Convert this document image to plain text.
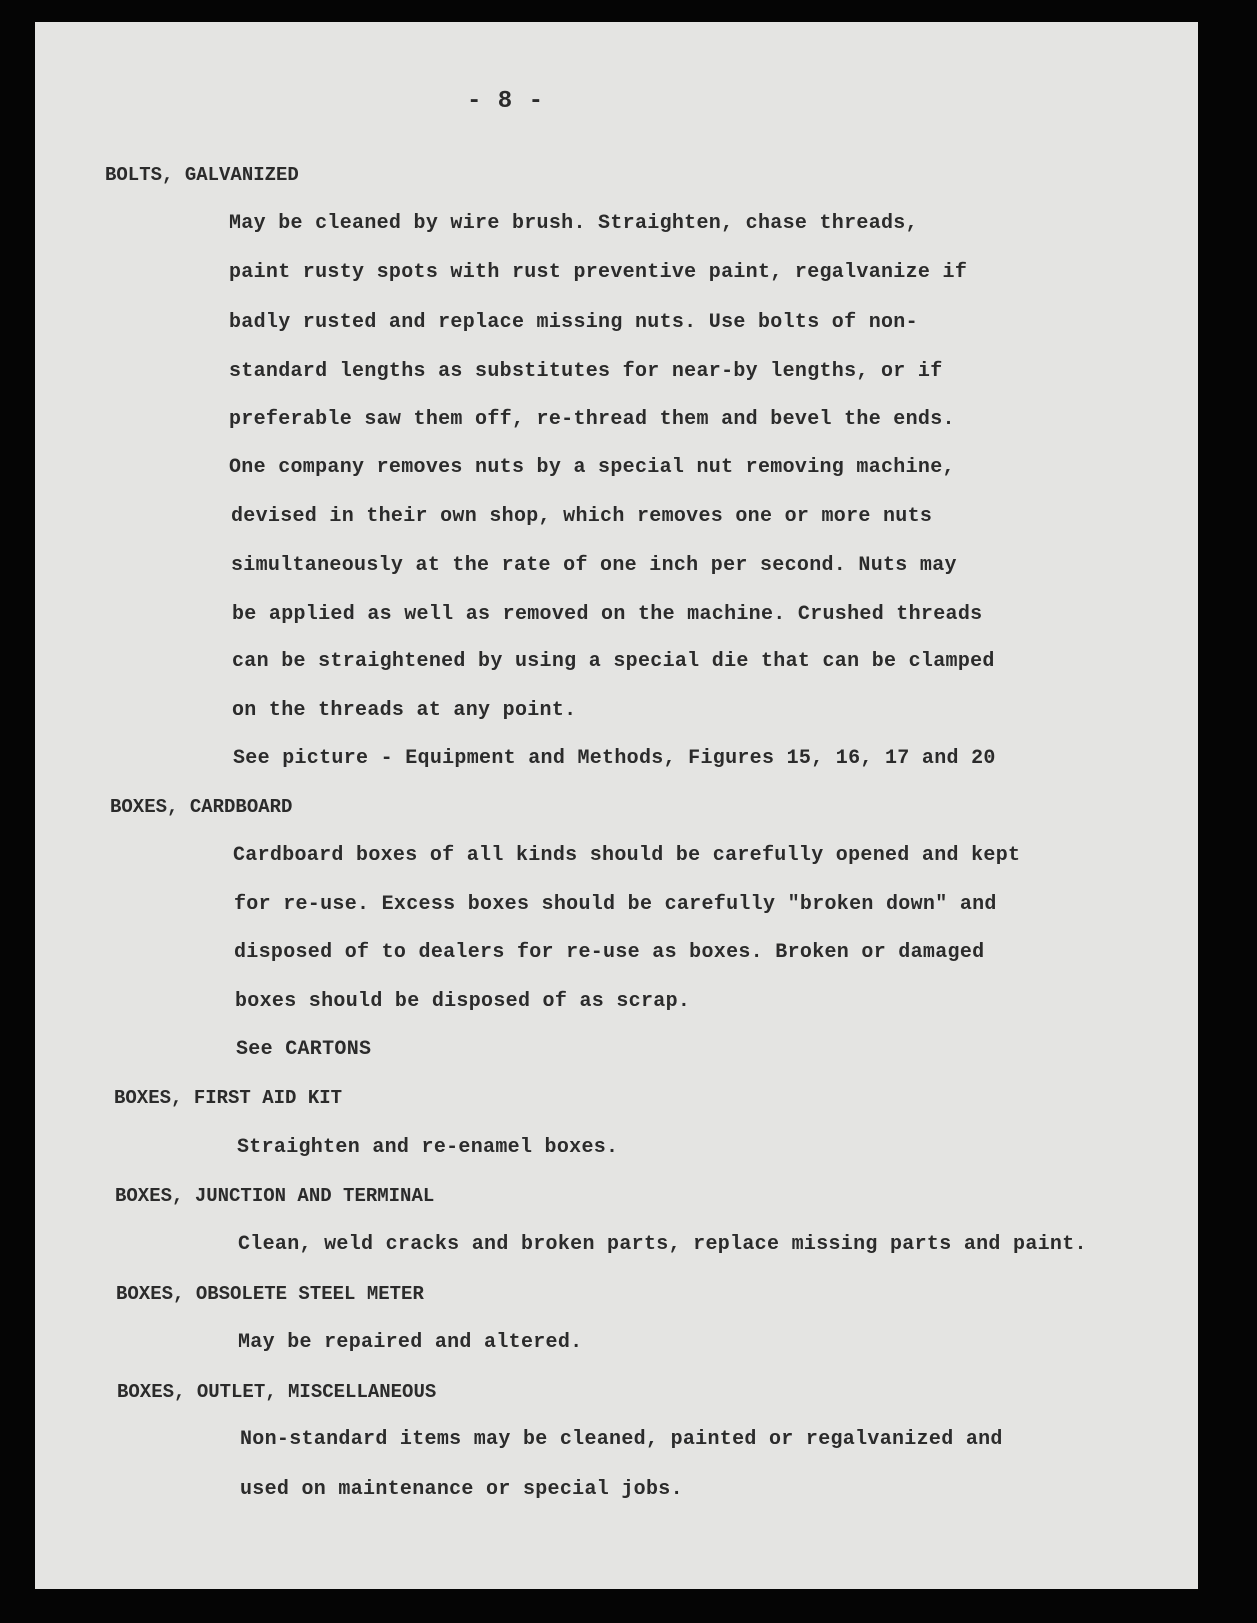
- 8 -
BOLTS, GALVANIZED
May be cleaned by wire brush. Straighten, chase threads,
paint rusty spots with rust preventive paint, regalvanize if
badly rusted and replace missing nuts. Use bolts of non-
standard lengths as substitutes for near-by lengths, or if
preferable saw them off, re-thread them and bevel the ends.
One company removes nuts by a special nut removing machine,
devised in their own shop, which removes one or more nuts
simultaneously at the rate of one inch per second. Nuts may
be applied as well as removed on the machine. Crushed threads
can be straightened by using a special die that can be clamped
on the threads at any point.
See picture - Equipment and Methods, Figures 15, 16, 17 and 20
BOXES, CARDBOARD
Cardboard boxes of all kinds should be carefully opened and kept
for re-use. Excess boxes should be carefully "broken down" and
disposed of to dealers for re-use as boxes. Broken or damaged
boxes should be disposed of as scrap.
See CARTONS
BOXES, FIRST AID KIT
Straighten and re-enamel boxes.
BOXES, JUNCTION AND TERMINAL
Clean, weld cracks and broken parts, replace missing parts and paint.
BOXES, OBSOLETE STEEL METER
May be repaired and altered.
BOXES, OUTLET, MISCELLANEOUS
Non-standard items may be cleaned, painted or regalvanized and
used on maintenance or special jobs.
